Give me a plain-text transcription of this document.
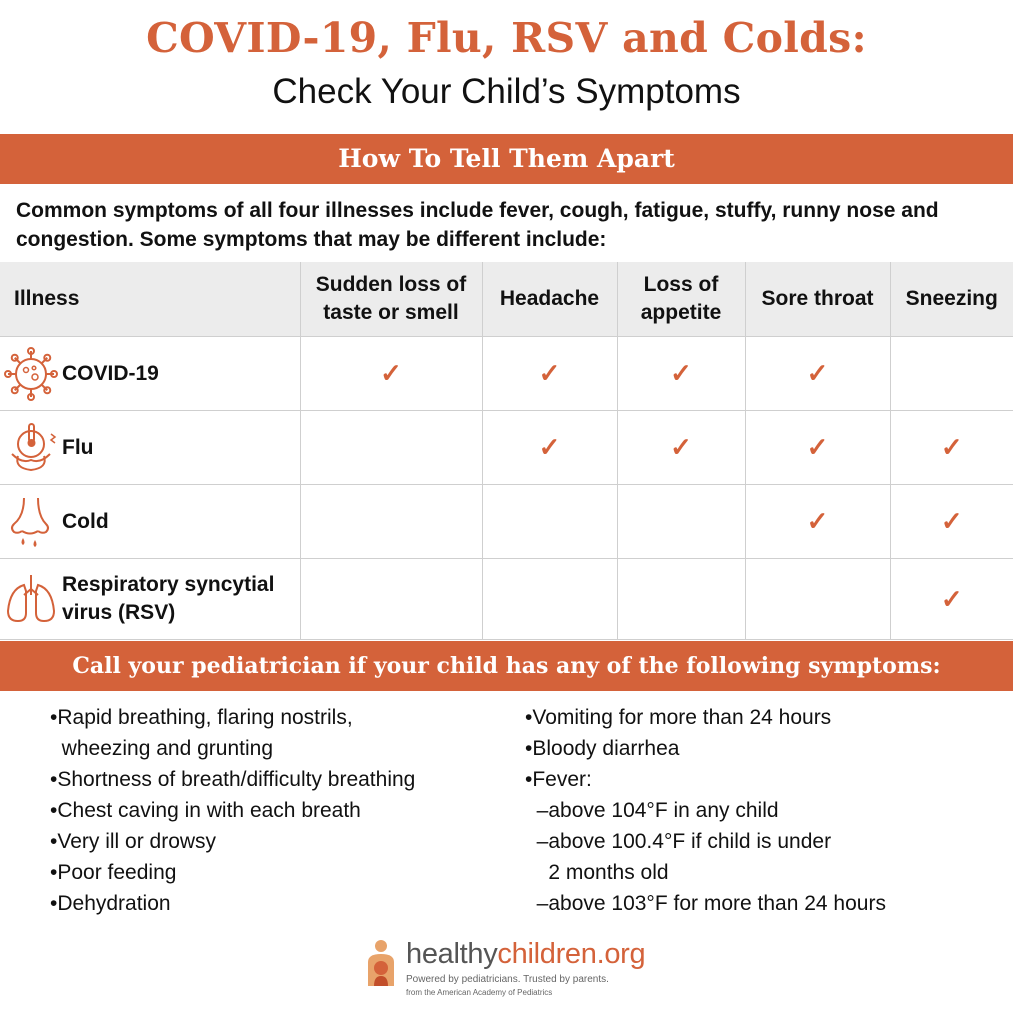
COVID-19, Flu, RSV and Colds:
Check Your Child’s Symptoms
How To Tell Them Apart
Common symptoms of all four illnesses include fever, cough, fatigue, stuffy, runny nose and congestion. Some symptoms that may be different include:
Illness	Sudden loss of taste or smell	Headache	Loss of appetite	Sore throat	Sneezing

COVID-19	✓	✓	✓	✓	

Flu		✓	✓	✓	✓

Cold				✓	✓

Respiratory syncytial virus (RSV)					✓
Call your pediatrician if your child has any of the following symptoms:
•Rapid breathing, flaring nostrils,
wheezing and grunting
•Shortness of breath/difficulty breathing
•Chest caving in with each breath
•Very ill or drowsy
•Poor feeding
•Dehydration
•Vomiting for more than 24 hours
•Bloody diarrhea
•Fever:
–above 104°F in any child
–above 100.4°F if child is under
2 months old
–above 103°F for more than 24 hours
healthychildren.org
Powered by pediatricians. Trusted by parents.
from the American Academy of Pediatrics
